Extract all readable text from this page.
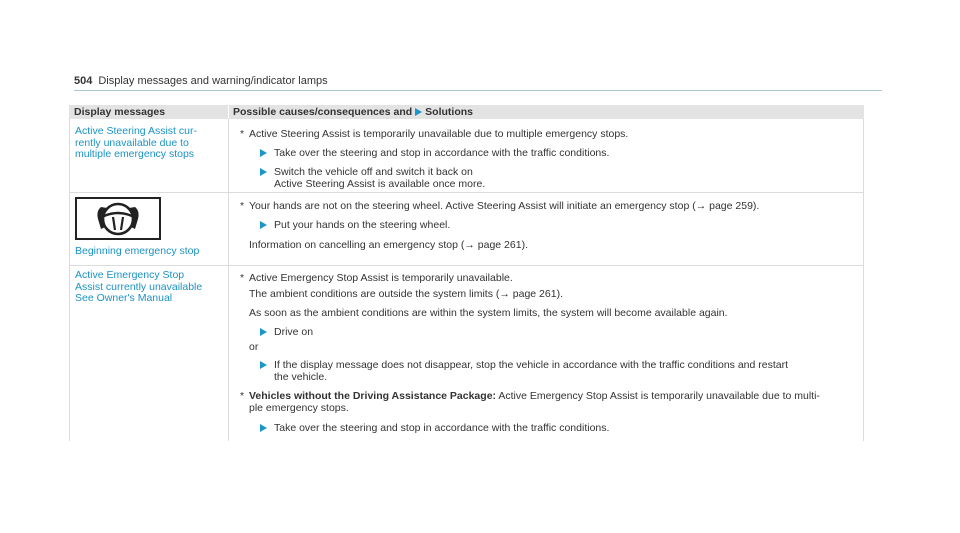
504 Display messages and warning/indicator lamps
Display messages	Possible causes/consequences and Solutions
Active Steering Assist cur-
rently unavailable due to
multiple emergency stops
* Active Steering Assist is temporarily unavailable due to multiple emergency stops.
Take over the steering and stop in accordance with the traffic conditions.
Switch the vehicle off and switch it back on
Active Steering Assist is available once more.
Beginning emergency stop
* Your hands are not on the steering wheel. Active Steering Assist will initiate an emergency stop (→ page 259).
Put your hands on the steering wheel.
Information on cancelling an emergency stop (→ page 261).
Active Emergency Stop
Assist currently unavailable
See Owner's Manual
* Active Emergency Stop Assist is temporarily unavailable.
The ambient conditions are outside the system limits (→ page 261).
As soon as the ambient conditions are within the system limits, the system will become available again.
Drive on
or
If the display message does not disappear, stop the vehicle in accordance with the traffic conditions and restart
the vehicle.
* Vehicles without the Driving Assistance Package: Active Emergency Stop Assist is temporarily unavailable due to multi-
ple emergency stops.
Take over the steering and stop in accordance with the traffic conditions.
